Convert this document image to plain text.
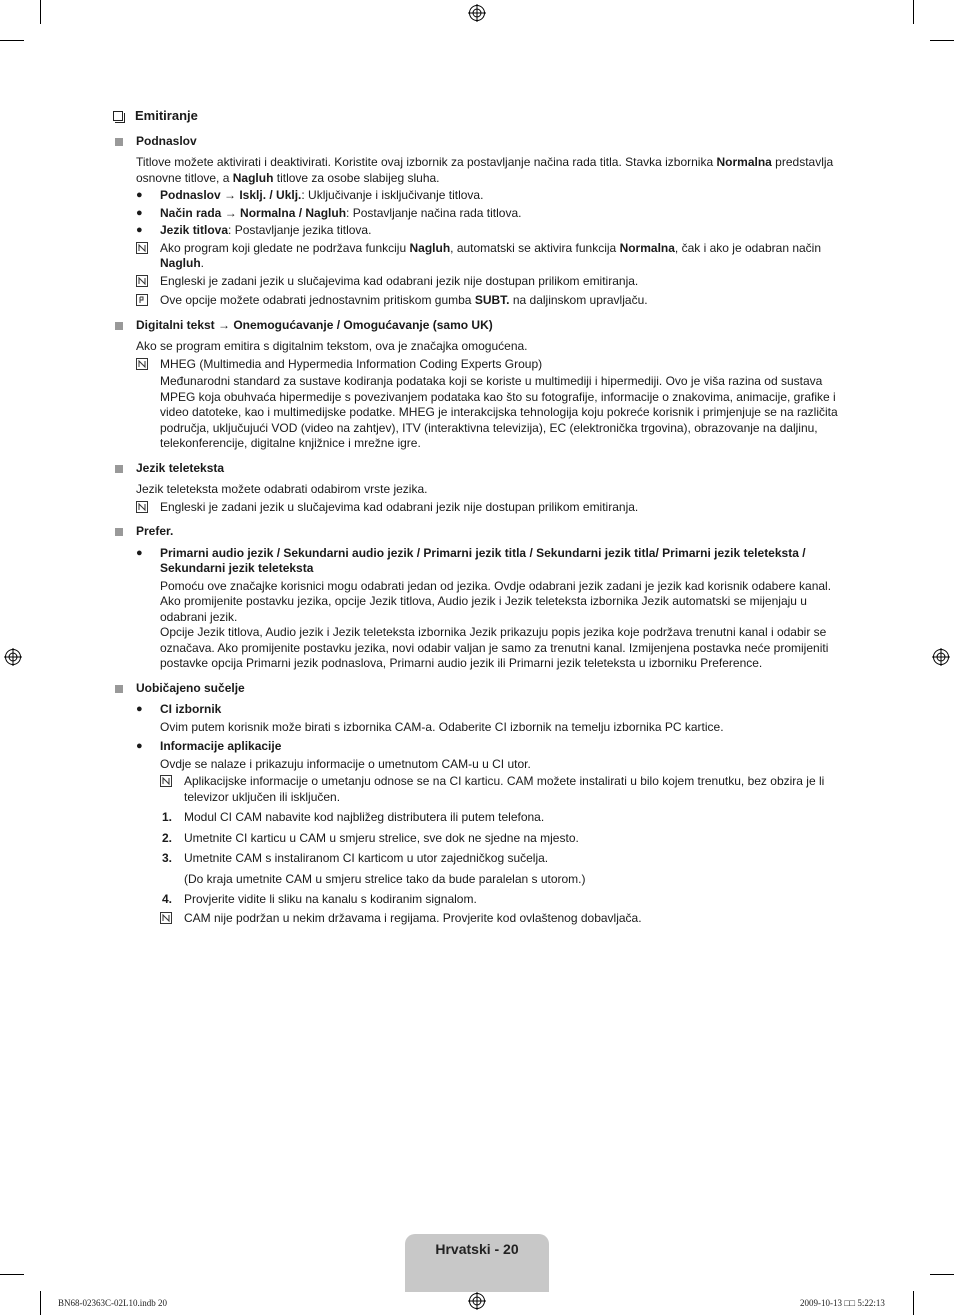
Emitiranje
Podnaslov
Titlove možete aktivirati i deaktivirati. Koristite ovaj izbornik za postavljanje načina rada titla. Stavka izbornika Normalna predstavlja osnovne titlove, a Nagluh titlove za osobe slabijeg sluha.
●	Podnaslov → Isklj. / Uklj.: Uključivanje i isključivanje titlova.
●	Način rada → Normalna / Nagluh: Postavljanje načina rada titlova.
●	Jezik titlova: Postavljanje jezika titlova.
Ako program koji gledate ne podržava funkciju Nagluh, automatski se aktivira funkcija Normalna, čak i ako je odabran način Nagluh.
Engleski je zadani jezik u slučajevima kad odabrani jezik nije dostupan prilikom emitiranja.
Ove opcije možete odabrati jednostavnim pritiskom gumba SUBT. na daljinskom upravljaču.
Digitalni tekst → Onemogućavanje / Omogućavanje (samo UK)
Ako se program emitira s digitalnim tekstom, ova je značajka omogućena.
MHEG (Multimedia and Hypermedia Information Coding Experts Group)
Međunarodni standard za sustave kodiranja podataka koji se koriste u multimediji i hipermediji. Ovo je viša razina od sustava MPEG koja obuhvaća hipermedije s povezivanjem podataka kao što su fotografije, informacije o znakovima, animacije, grafike i video datoteke, kao i multimedijske podatke. MHEG je interakcijska tehnologija koju pokreće korisnik i primjenjuje se na različita područja, uključujući VOD (video na zahtjev), ITV (interaktivna televizija), EC (elektronička trgovina), obrazovanje na daljinu, telekonferencije, digitalne knjižnice i mrežne igre.
Jezik teleteksta
Jezik teleteksta možete odabrati odabirom vrste jezika.
Engleski je zadani jezik u slučajevima kad odabrani jezik nije dostupan prilikom emitiranja.
Prefer.
●	Primarni audio jezik / Sekundarni audio jezik / Primarni jezik titla / Sekundarni jezik titla/ Primarni jezik teleteksta / Sekundarni jezik teleteksta
Pomoću ove značajke korisnici mogu odabrati jedan od jezika. Ovdje odabrani jezik zadani je jezik kad korisnik odabere kanal. Ako promijenite postavku jezika, opcije Jezik titlova, Audio jezik i Jezik teleteksta izbornika Jezik automatski se mijenjaju u odabrani jezik.
Opcije Jezik titlova, Audio jezik i Jezik teleteksta izbornika Jezik prikazuju popis jezika koje podržava trenutni kanal i odabir se označava. Ako promijenite postavku jezika, novi odabir valjan je samo za trenutni kanal. Izmijenjena postavka neće promijeniti postavke opcija Primarni jezik podnaslova, Primarni audio jezik ili Primarni jezik teleteksta u izborniku Preference.
Uobičajeno sučelje
●	CI izbornik
Ovim putem korisnik može birati s izbornika CAM-a. Odaberite CI izbornik na temelju izbornika PC kartice.
●	Informacije aplikacije
Ovdje se nalaze i prikazuju informacije o umetnutom CAM-u u CI utor.
Aplikacijske informacije o umetanju odnose se na CI karticu. CAM možete instalirati u bilo kojem trenutku, bez obzira je li televizor uključen ili isključen.
1. Modul CI CAM nabavite kod najbližeg distributera ili putem telefona.
2. Umetnite CI karticu u CAM u smjeru strelice, sve dok ne sjedne na mjesto.
3. Umetnite CAM s instaliranom CI karticom u utor zajedničkog sučelja.
(Do kraja umetnite CAM u smjeru strelice tako da bude paralelan s utorom.)
4. Provjerite vidite li sliku na kanalu s kodiranim signalom.
CAM nije podržan u nekim državama i regijama. Provjerite kod ovlaštenog dobavljača.
Hrvatski - 20
BN68-02363C-02L10.indb 20	2009-10-13 □□ 5:22:13
